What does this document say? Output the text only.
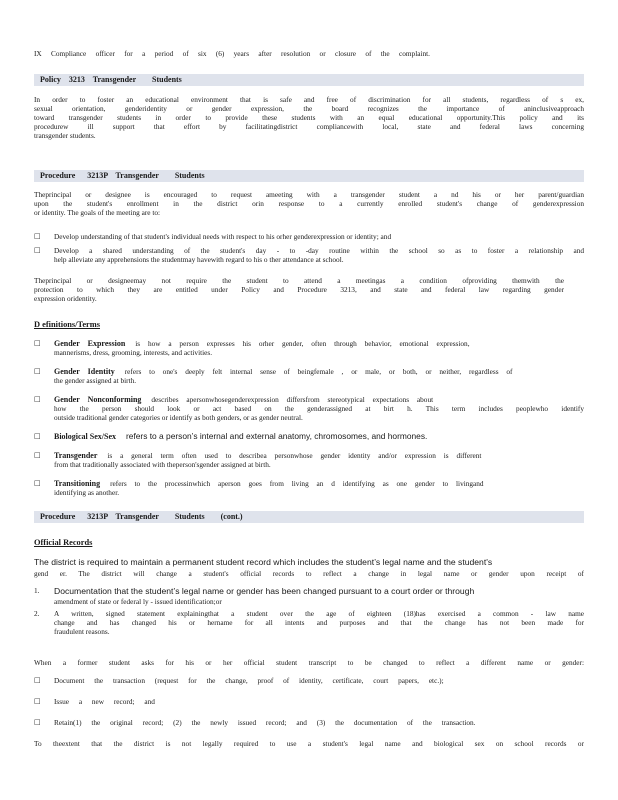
IX Compliance officer for a period of six (6) years after resolution or closure of the complaint.
Policy    3213    Transgender        Students
In order to foster an educational environment that is safe and free of discrimination for all students, regardless of s ex,
sexual orientation, genderidentity or gender expression, the board recognizes the importance of aninclusiveapproach
toward transgender students in order to provide these students with an equal educational opportunity.This policy and its
procedurew ill support that effort by facilitatingdistrict compliancewith local, state and federal laws concerning
transgender students.
Procedure      3213P    Transgender        Students
Theprincipal or designee is encouraged to request ameeting with a transgender student a nd his or her parent/guardian
upon the student's enrollment in the district orin response to a currently enrolled student's change of genderexpression
or identity. The goals of the meeting are to:
□ Develop understanding of that student's individual needs with respect to his orher genderexpression or identity; and
□ Develop a shared understanding of the student's day - to -day routine within the school so as to foster a relationship and
help alleviate any apprehensions the studentmay havewith regard to his o ther attendance at school.
Theprincipal or designeemay not require the student to attend a meetingas a condition ofproviding themwith the
protection to which they are entitled under Policy and Procedure 3213, and state and federal law regarding gender
expression oridentity.
D efinitions/Terms
□ Gender Expression is how a person expresses his orher gender, often through behavior, emotional expression,
mannerisms, dress, grooming, interests, and activities.
□ Gender Identity refers to one's deeply felt internal sense of beingfemale , or male, or both, or neither, regardless of
the gender assigned at birth.
□ Gender Nonconforming describes apersonwhosegenderexpression differsfrom stereotypical expectations about
how the person should look or act based on the genderassigned at birt h. This term includes peoplewho identify
outside traditional gender categories or identify as both genders, or as gender neutral.
□ Biological Sex/Sex refers to a person’s internal and external anatomy, chromosomes, and hormones.
□ Transgender is a general term often used to describea personwhose gender identity and/or expression is different
from that traditionally associated with theperson'sgender assigned at birth.
□ Transitioning refers to the processinwhich aperson goes from living an d identifying as one gender to livingand
identifying as another.
Procedure      3213P    Transgender        Students        (cont.)
Official Records
The district is required to maintain a permanent student record which includes the student’s legal name and the student's
gend er. The district will change a student's official records to reflect a change in legal name or gender upon receipt of
1. Documentation that the student’s legal name or gender has been changed pursuant to a court order or through
amendment of state or federal ly - issued identification;or
2. A written, signed statement explainingthat a student over the age of eighteen (18)has exercised a common - law name
change and has changed his or hername for all intents and purposes and that the change has not been made for
fraudulent reasons.
When a former student asks for his or her official student transcript to be changed to reflect a different name or gender:
□ Document the transaction (request for the change, proof of identity, certificate, court papers, etc.);
□ Issue a new record; and
□ Retain(1) the original record; (2) the newly issued record; and (3) the documentation of the transaction.
To theextent that the district is not legally required to use a student's legal name and biological sex on school records or
